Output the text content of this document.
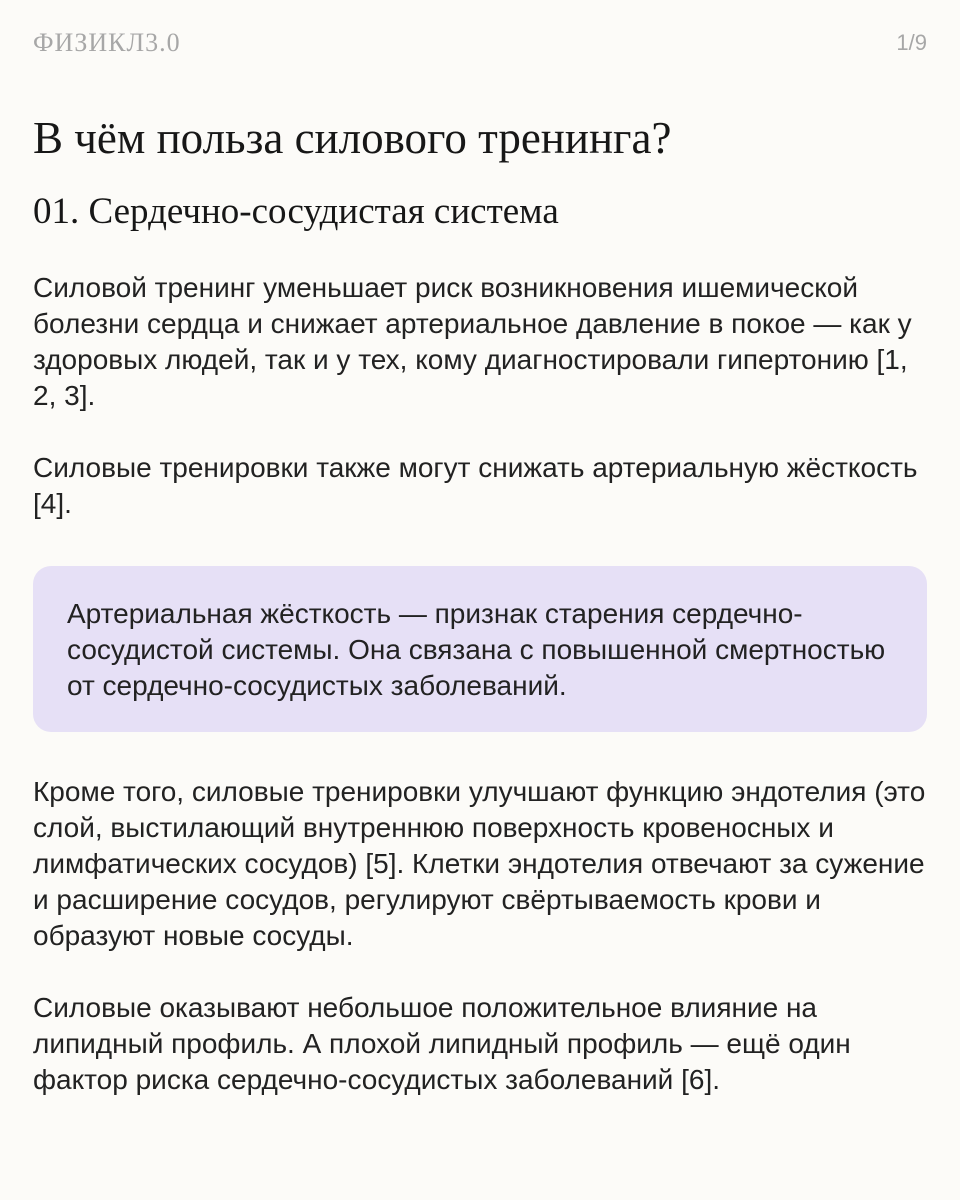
ФИЗИКЛ3.0	1/9
В чём польза силового тренинга?
01. Сердечно-сосудистая система

Силовой тренинг уменьшает риск возникновения ишемической болезни сердца и снижает артериальное давление в покое — как у здоровых людей, так и у тех, кому диагностировали гипертонию [1, 2, 3].

Силовые тренировки также могут снижать артериальную жёсткость [4].

Артериальная жёсткость — признак старения сердечно-сосудистой системы. Она связана с повышенной смертностью от сердечно-сосудистых заболеваний.

Кроме того, силовые тренировки улучшают функцию эндотелия (это слой, выстилающий внутреннюю поверхность кровеносных и лимфатических сосудов) [5]. Клетки эндотелия отвечают за сужение и расширение сосудов, регулируют свёртываемость крови и образуют новые сосуды.

Силовые оказывают небольшое положительное влияние на липидный профиль. А плохой липидный профиль — ещё один фактор риска сердечно-сосудистых заболеваний [6].
